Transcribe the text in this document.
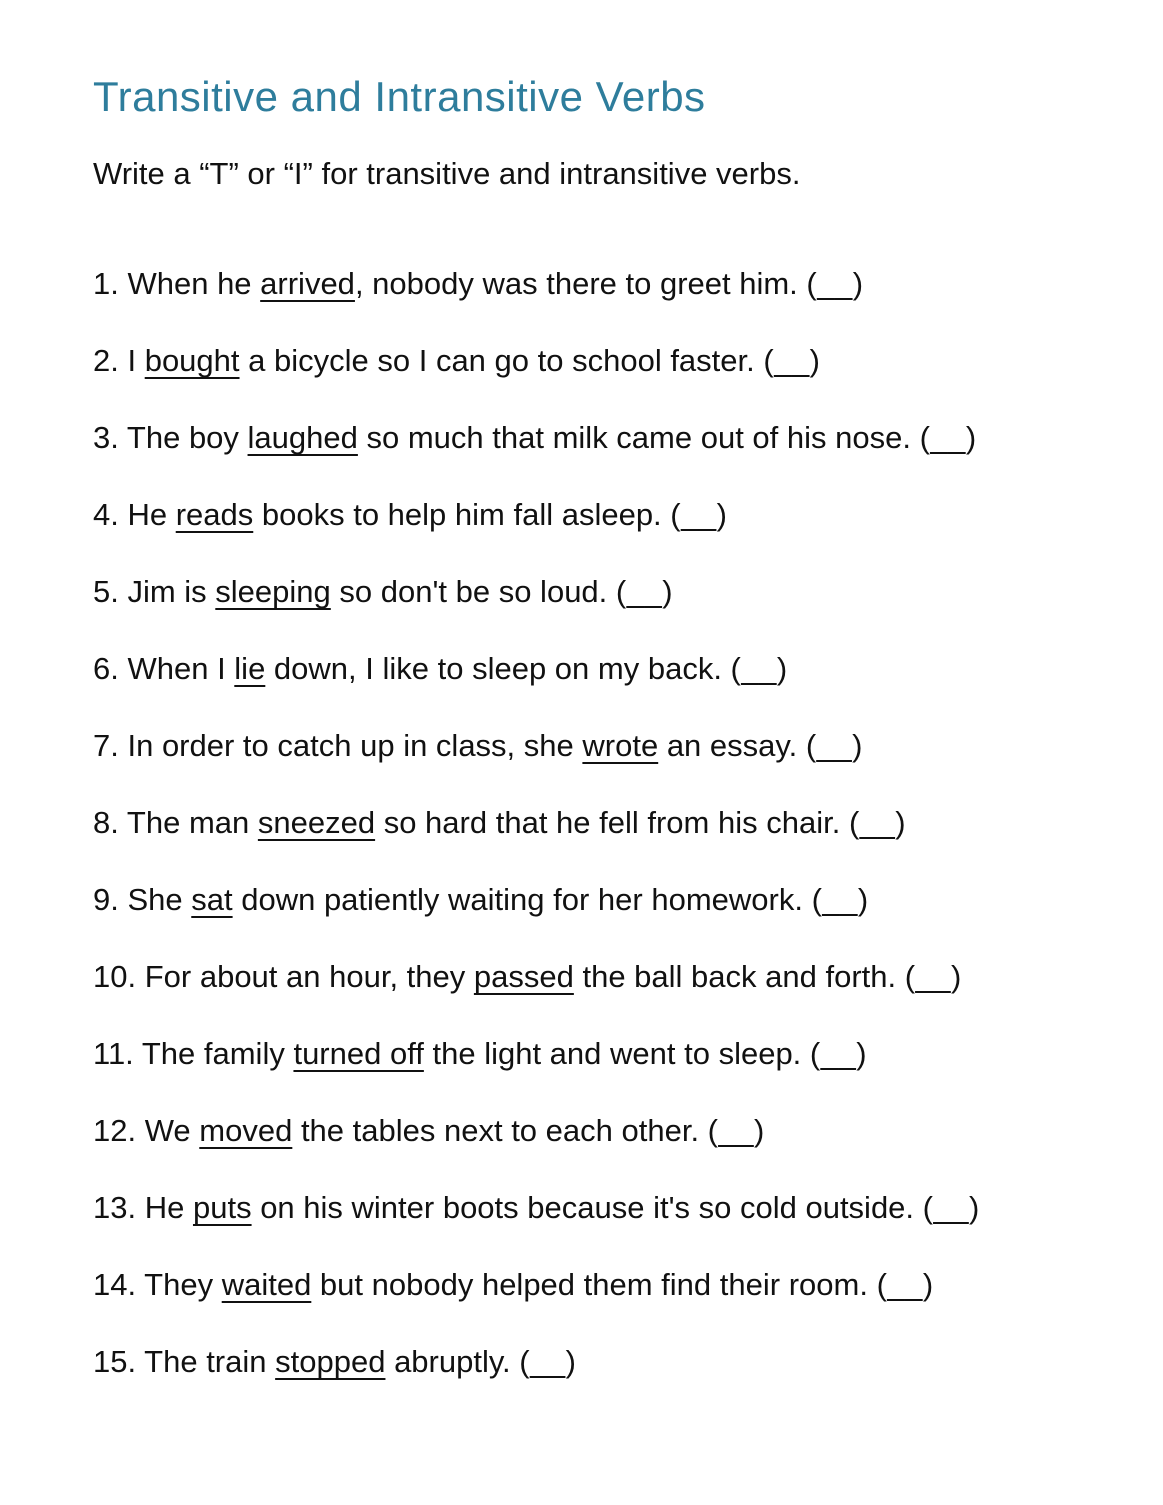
Transitive and Intransitive Verbs

Write a “T” or “I” for transitive and intransitive verbs.

1. When he arrived, nobody was there to greet him. (__)

2. I bought a bicycle so I can go to school faster. (__)

3. The boy laughed so much that milk came out of his nose. (__)

4. He reads books to help him fall asleep. (__)

5. Jim is sleeping so don't be so loud. (__)

6. When I lie down, I like to sleep on my back. (__)

7. In order to catch up in class, she wrote an essay. (__)

8. The man sneezed so hard that he fell from his chair. (__)

9. She sat down patiently waiting for her homework. (__)

10. For about an hour, they passed the ball back and forth. (__)

11. The family turned off the light and went to sleep. (__)

12. We moved the tables next to each other. (__)

13. He puts on his winter boots because it's so cold outside. (__)

14. They waited but nobody helped them find their room. (__)

15. The train stopped abruptly. (__)
